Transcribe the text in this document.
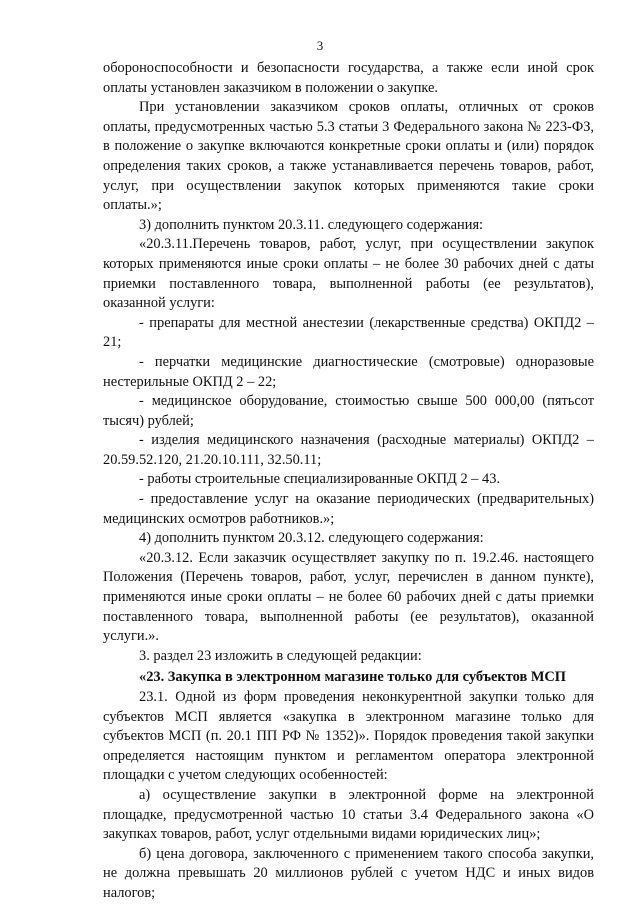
3

обороноспособности и безопасности государства, а также если иной срок оплаты установлен заказчиком в положении о закупке.

При установлении заказчиком сроков оплаты, отличных от сроков оплаты, предусмотренных частью 5.3 статьи 3 Федерального закона № 223-ФЗ, в положение о закупке включаются конкретные сроки оплаты и (или) порядок определения таких сроков, а также устанавливается перечень товаров, работ, услуг, при осуществлении закупок которых применяются такие сроки оплаты.»;

3) дополнить пунктом 20.3.11. следующего содержания:

«20.3.11.Перечень товаров, работ, услуг, при осуществлении закупок которых применяются иные сроки оплаты – не более 30 рабочих дней с даты приемки поставленного товара, выполненной работы (ее результатов), оказанной услуги:

- препараты для местной анестезии (лекарственные средства) ОКПД2 – 21;

- перчатки медицинские диагностические (смотровые) одноразовые нестерильные ОКПД 2 – 22;

- медицинское оборудование, стоимостью свыше 500 000,00 (пятьсот тысяч) рублей;

- изделия медицинского назначения (расходные материалы) ОКПД2 – 20.59.52.120, 21.20.10.111, 32.50.11;

- работы строительные специализированные ОКПД 2 – 43.

- предоставление услуг на оказание периодических (предварительных) медицинских осмотров работников.»;

4) дополнить пунктом 20.3.12. следующего содержания:

«20.3.12. Если заказчик осуществляет закупку по п. 19.2.46. настоящего Положения (Перечень товаров, работ, услуг, перечислен в данном пункте), применяются иные сроки оплаты – не более 60 рабочих дней с даты приемки поставленного товара, выполненной работы (ее результатов), оказанной услуги.».

3. раздел 23 изложить в следующей редакции:

«23. Закупка в электронном магазине только для субъектов МСП

23.1. Одной из форм проведения неконкурентной закупки только для субъектов МСП является «закупка в электронном магазине только для субъектов МСП (п. 20.1 ПП РФ № 1352)». Порядок проведения такой закупки определяется настоящим пунктом и регламентом оператора электронной площадки с учетом следующих особенностей:

а) осуществление закупки в электронной форме на электронной площадке, предусмотренной частью 10 статьи 3.4 Федерального закона «О закупках товаров, работ, услуг отдельными видами юридических лиц»;

б) цена договора, заключенного с применением такого способа закупки, не должна превышать 20 миллионов рублей с учетом НДС и иных видов налогов;
